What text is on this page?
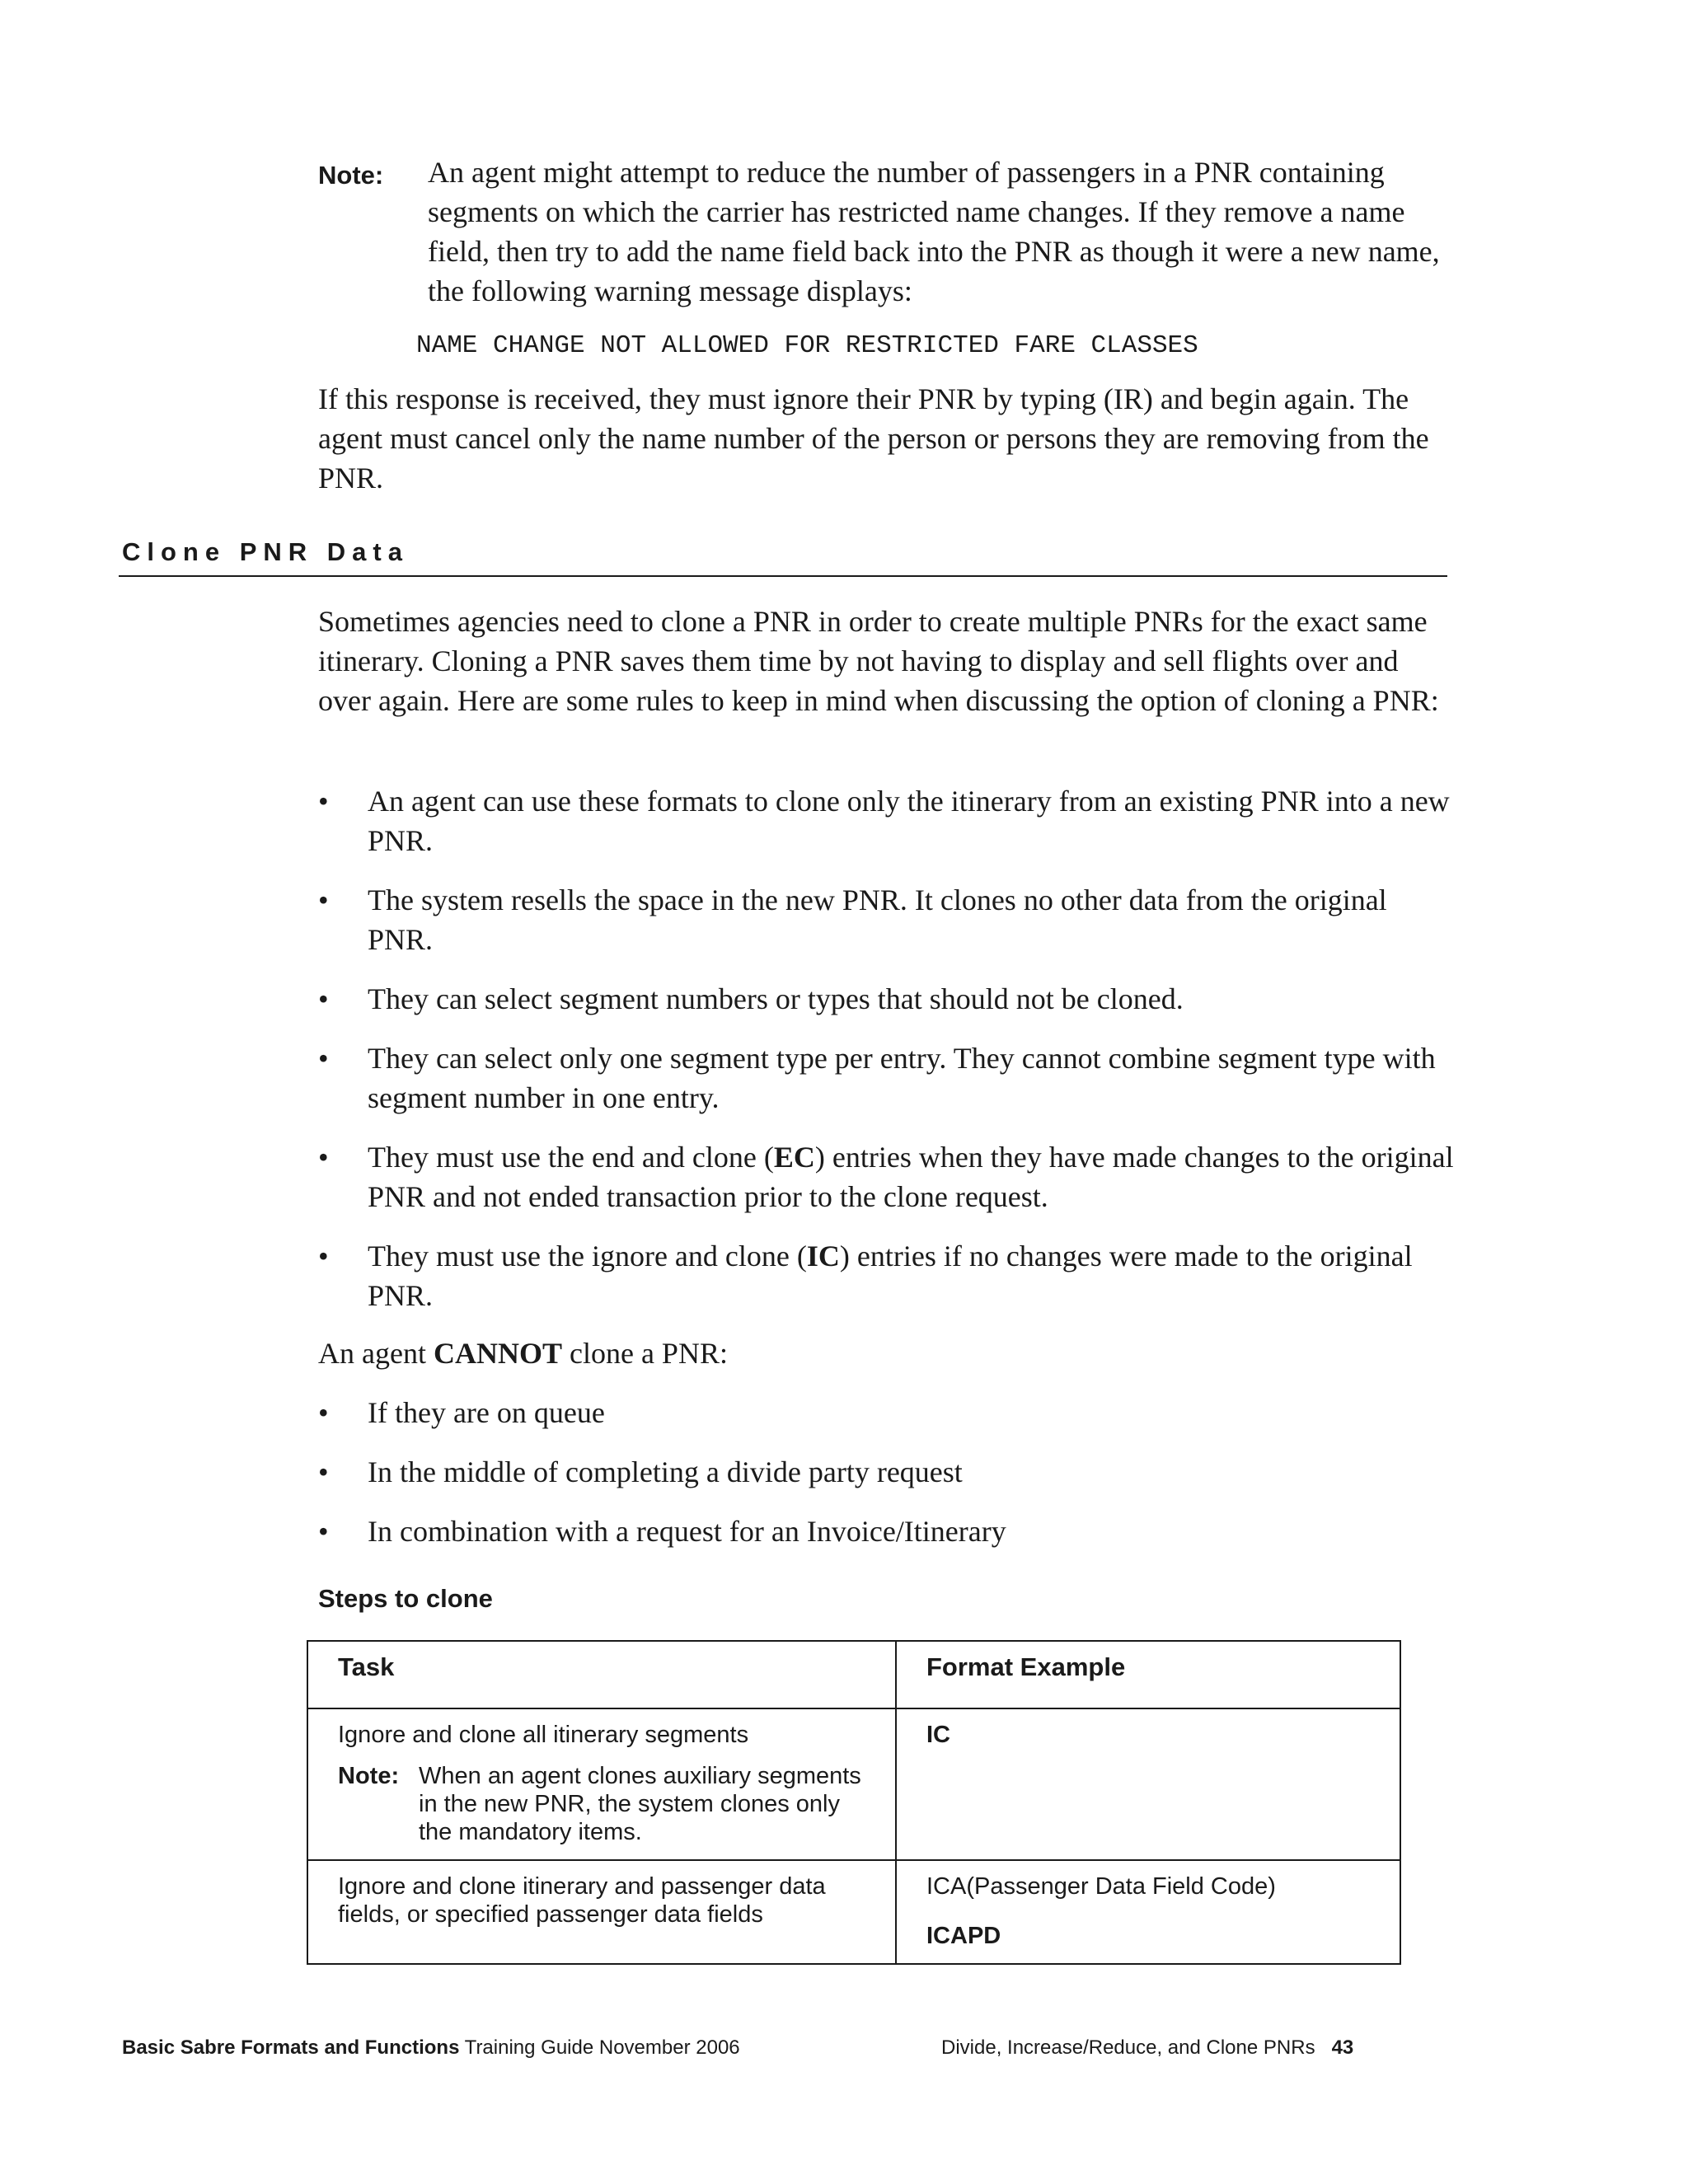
Note: An agent might attempt to reduce the number of passengers in a PNR containing segments on which the carrier has restricted name changes. If they remove a name field, then try to add the name field back into the PNR as though it were a new name, the following warning message displays:
NAME CHANGE NOT ALLOWED FOR RESTRICTED FARE CLASSES
If this response is received, they must ignore their PNR by typing (IR) and begin again. The agent must cancel only the name number of the person or persons they are removing from the PNR.
Clone PNR Data
Sometimes agencies need to clone a PNR in order to create multiple PNRs for the exact same itinerary. Cloning a PNR saves them time by not having to display and sell flights over and over again. Here are some rules to keep in mind when discussing the option of cloning a PNR:
• An agent can use these formats to clone only the itinerary from an existing PNR into a new PNR.
• The system resells the space in the new PNR. It clones no other data from the original PNR.
• They can select segment numbers or types that should not be cloned.
• They can select only one segment type per entry. They cannot combine segment type with segment number in one entry.
• They must use the end and clone (EC) entries when they have made changes to the original PNR and not ended transaction prior to the clone request.
• They must use the ignore and clone (IC) entries if no changes were made to the original PNR.
An agent CANNOT clone a PNR:
• If they are on queue
• In the middle of completing a divide party request
• In combination with a request for an Invoice/Itinerary
Steps to clone
Task	Format Example

Ignore and clone all itinerary segments
Note: When an agent clones auxiliary segments in the new PNR, the system clones only the mandatory items.	IC

Ignore and clone itinerary and passenger data fields, or specified passenger data fields	ICA(Passenger Data Field Code)
ICAPD
Basic Sabre Formats and Functions Training Guide November 2006	Divide, Increase/Reduce, and Clone PNRs 43
